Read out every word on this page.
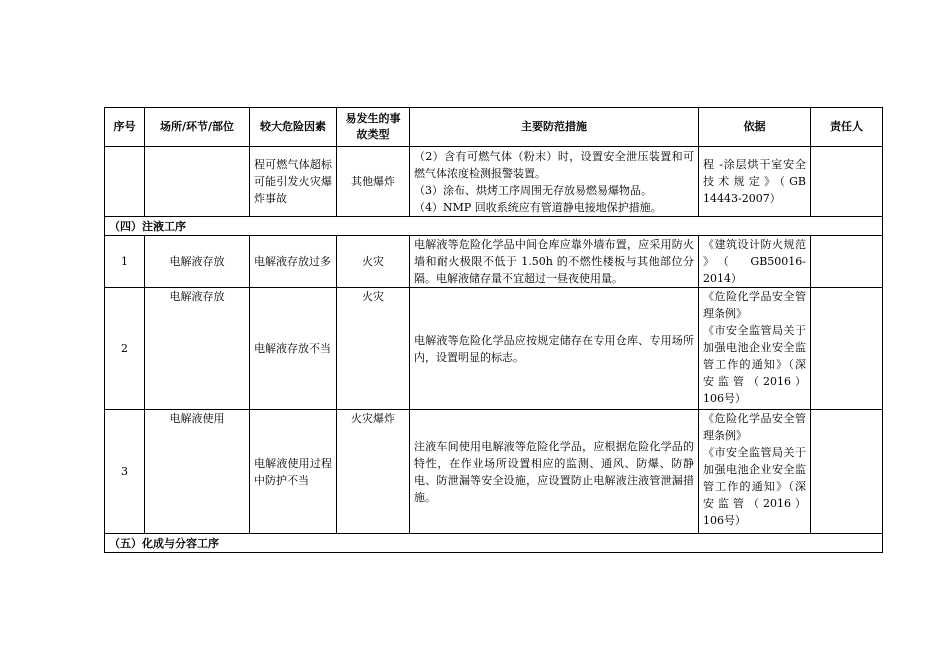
序号	场所/环节/部位	较大危险因素	易发生的事故类型	主要防范措施	依据	责任人
		程可燃气体超标可能引发火灾爆炸事故	其他爆炸	（2）含有可燃气体（粉末）时，设置安全泄压装置和可燃气体浓度检测报警装置。
（3）涂布、烘烤工序周围无存放易燃易爆物品。
（4）NMP 回收系统应有管道静电接地保护措施。	程 -涂层烘干室安全技术规定》（GB 14443-2007）	
（四）注液工序						
1	电解液存放	电解液存放过多	火灾	电解液等危险化学品中间仓库应靠外墙布置，应采用防火墙和耐火极限不低于 1.50h 的不燃性楼板与其他部位分隔。电解液储存量不宜超过一昼夜使用量。	《建筑设计防火规范 》（ GB50016-2014）	
2	电解液存放	电解液存放不当	火灾	电解液等危险化学品应按规定储存在专用仓库、专用场所内，设置明显的标志。	《危险化学品安全管理条例》
《市安全监管局关于加强电池企业安全监管工作的通知》（深安监管（2016）106号）	

3	电解液使用	电解液使用过程中防护不当	火灾爆炸	注液车间使用电解液等危险化学品，应根据危险化学品的特性，在作业场所设置相应的监测、通风、防爆、防静电、防泄漏等安全设施，应设置防止电解液注液管泄漏措施。	《危险化学品安全管理条例》
《市安全监管局关于加强电池企业安全监管工作的通知》（深安监管（2016）106号）	

（五）化成与分容工序						
